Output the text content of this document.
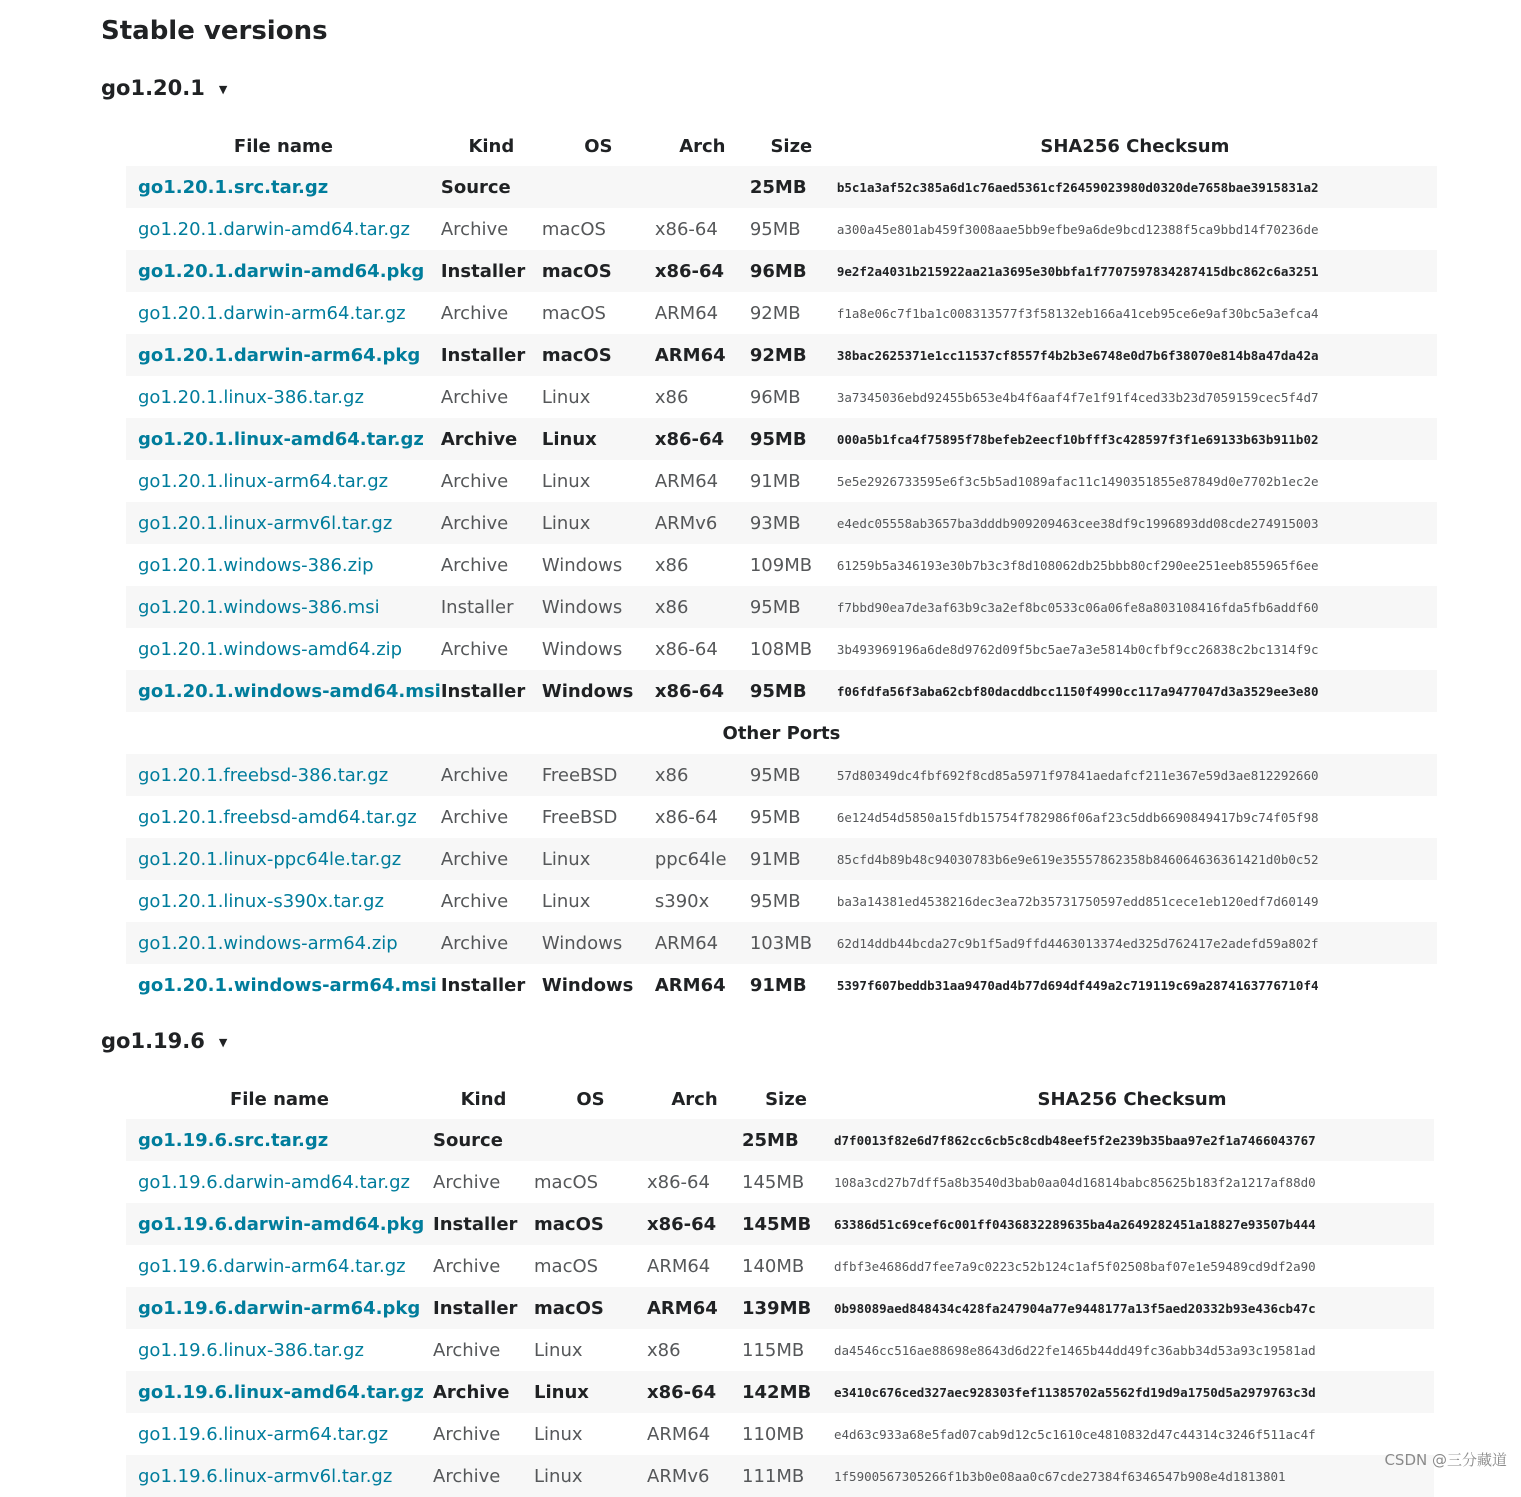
Stable versions
go1.20.1 ▼
File name	Kind	OS	Arch	Size	SHA256 Checksum
go1.20.1.src.tar.gz	Source			25MB	b5c1a3af52c385a6d1c76aed5361cf26459023980d0320de7658bae3915831a2
go1.20.1.darwin-amd64.tar.gz	Archive	macOS	x86-64	95MB	a300a45e801ab459f3008aae5bb9efbe9a6de9bcd12388f5ca9bbd14f70236de
go1.20.1.darwin-amd64.pkg	Installer	macOS	x86-64	96MB	9e2f2a4031b215922aa21a3695e30bbfa1f7707597834287415dbc862c6a3251
go1.20.1.darwin-arm64.tar.gz	Archive	macOS	ARM64	92MB	f1a8e06c7f1ba1c008313577f3f58132eb166a41ceb95ce6e9af30bc5a3efca4
go1.20.1.darwin-arm64.pkg	Installer	macOS	ARM64	92MB	38bac2625371e1cc11537cf8557f4b2b3e6748e0d7b6f38070e814b8a47da42a
go1.20.1.linux-386.tar.gz	Archive	Linux	x86	96MB	3a7345036ebd92455b653e4b4f6aaf4f7e1f91f4ced33b23d7059159cec5f4d7
go1.20.1.linux-amd64.tar.gz	Archive	Linux	x86-64	95MB	000a5b1fca4f75895f78befeb2eecf10bfff3c428597f3f1e69133b63b911b02
go1.20.1.linux-arm64.tar.gz	Archive	Linux	ARM64	91MB	5e5e2926733595e6f3c5b5ad1089afac11c1490351855e87849d0e7702b1ec2e
go1.20.1.linux-armv6l.tar.gz	Archive	Linux	ARMv6	93MB	e4edc05558ab3657ba3dddb909209463cee38df9c1996893dd08cde274915003
go1.20.1.windows-386.zip	Archive	Windows	x86	109MB	61259b5a346193e30b7b3c3f8d108062db25bbb80cf290ee251eeb855965f6ee
go1.20.1.windows-386.msi	Installer	Windows	x86	95MB	f7bbd90ea7de3af63b9c3a2ef8bc0533c06a06fe8a803108416fda5fb6addf60
go1.20.1.windows-amd64.zip	Archive	Windows	x86-64	108MB	3b493969196a6de8d9762d09f5bc5ae7a3e5814b0cfbf9cc26838c2bc1314f9c
go1.20.1.windows-amd64.msi	Installer	Windows	x86-64	95MB	f06fdfa56f3aba62cbf80dacddbcc1150f4990cc117a9477047d3a3529ee3e80
Other Ports					
go1.20.1.freebsd-386.tar.gz	Archive	FreeBSD	x86	95MB	57d80349dc4fbf692f8cd85a5971f97841aedafcf211e367e59d3ae812292660
go1.20.1.freebsd-amd64.tar.gz	Archive	FreeBSD	x86-64	95MB	6e124d54d5850a15fdb15754f782986f06af23c5ddb6690849417b9c74f05f98
go1.20.1.linux-ppc64le.tar.gz	Archive	Linux	ppc64le	91MB	85cfd4b89b48c94030783b6e9e619e35557862358b846064636361421d0b0c52
go1.20.1.linux-s390x.tar.gz	Archive	Linux	s390x	95MB	ba3a14381ed4538216dec3ea72b35731750597edd851cece1eb120edf7d60149
go1.20.1.windows-arm64.zip	Archive	Windows	ARM64	103MB	62d14ddb44bcda27c9b1f5ad9ffd4463013374ed325d762417e2adefd59a802f
go1.20.1.windows-arm64.msi	Installer	Windows	ARM64	91MB	5397f607beddb31aa9470ad4b77d694df449a2c719119c69a2874163776710f4
go1.19.6 ▼
File name	Kind	OS	Arch	Size	SHA256 Checksum
go1.19.6.src.tar.gz	Source			25MB	d7f0013f82e6d7f862cc6cb5c8cdb48eef5f2e239b35baa97e2f1a7466043767
go1.19.6.darwin-amd64.tar.gz	Archive	macOS	x86-64	145MB	108a3cd27b7dff5a8b3540d3bab0aa04d16814babc85625b183f2a1217af88d0
go1.19.6.darwin-amd64.pkg	Installer	macOS	x86-64	145MB	63386d51c69cef6c001ff0436832289635ba4a2649282451a18827e93507b444
go1.19.6.darwin-arm64.tar.gz	Archive	macOS	ARM64	140MB	dfbf3e4686dd7fee7a9c0223c52b124c1af5f02508baf07e1e59489cd9df2a90
go1.19.6.darwin-arm64.pkg	Installer	macOS	ARM64	139MB	0b98089aed848434c428fa247904a77e9448177a13f5aed20332b93e436cb47c
go1.19.6.linux-386.tar.gz	Archive	Linux	x86	115MB	da4546cc516ae88698e8643d6d22fe1465b44dd49fc36abb34d53a93c19581ad
go1.19.6.linux-amd64.tar.gz	Archive	Linux	x86-64	142MB	e3410c676ced327aec928303fef11385702a5562fd19d9a1750d5a2979763c3d
go1.19.6.linux-arm64.tar.gz	Archive	Linux	ARM64	110MB	e4d63c933a68e5fad07cab9d12c5c1610ce4810832d47c44314c3246f511ac4f
go1.19.6.linux-armv6l.tar.gz	Archive	Linux	ARMv6	111MB	1f5900567305266f1b3b0e08aa0c67cde27384f6346547b908e4d1813801
CSDN @三分藏道
